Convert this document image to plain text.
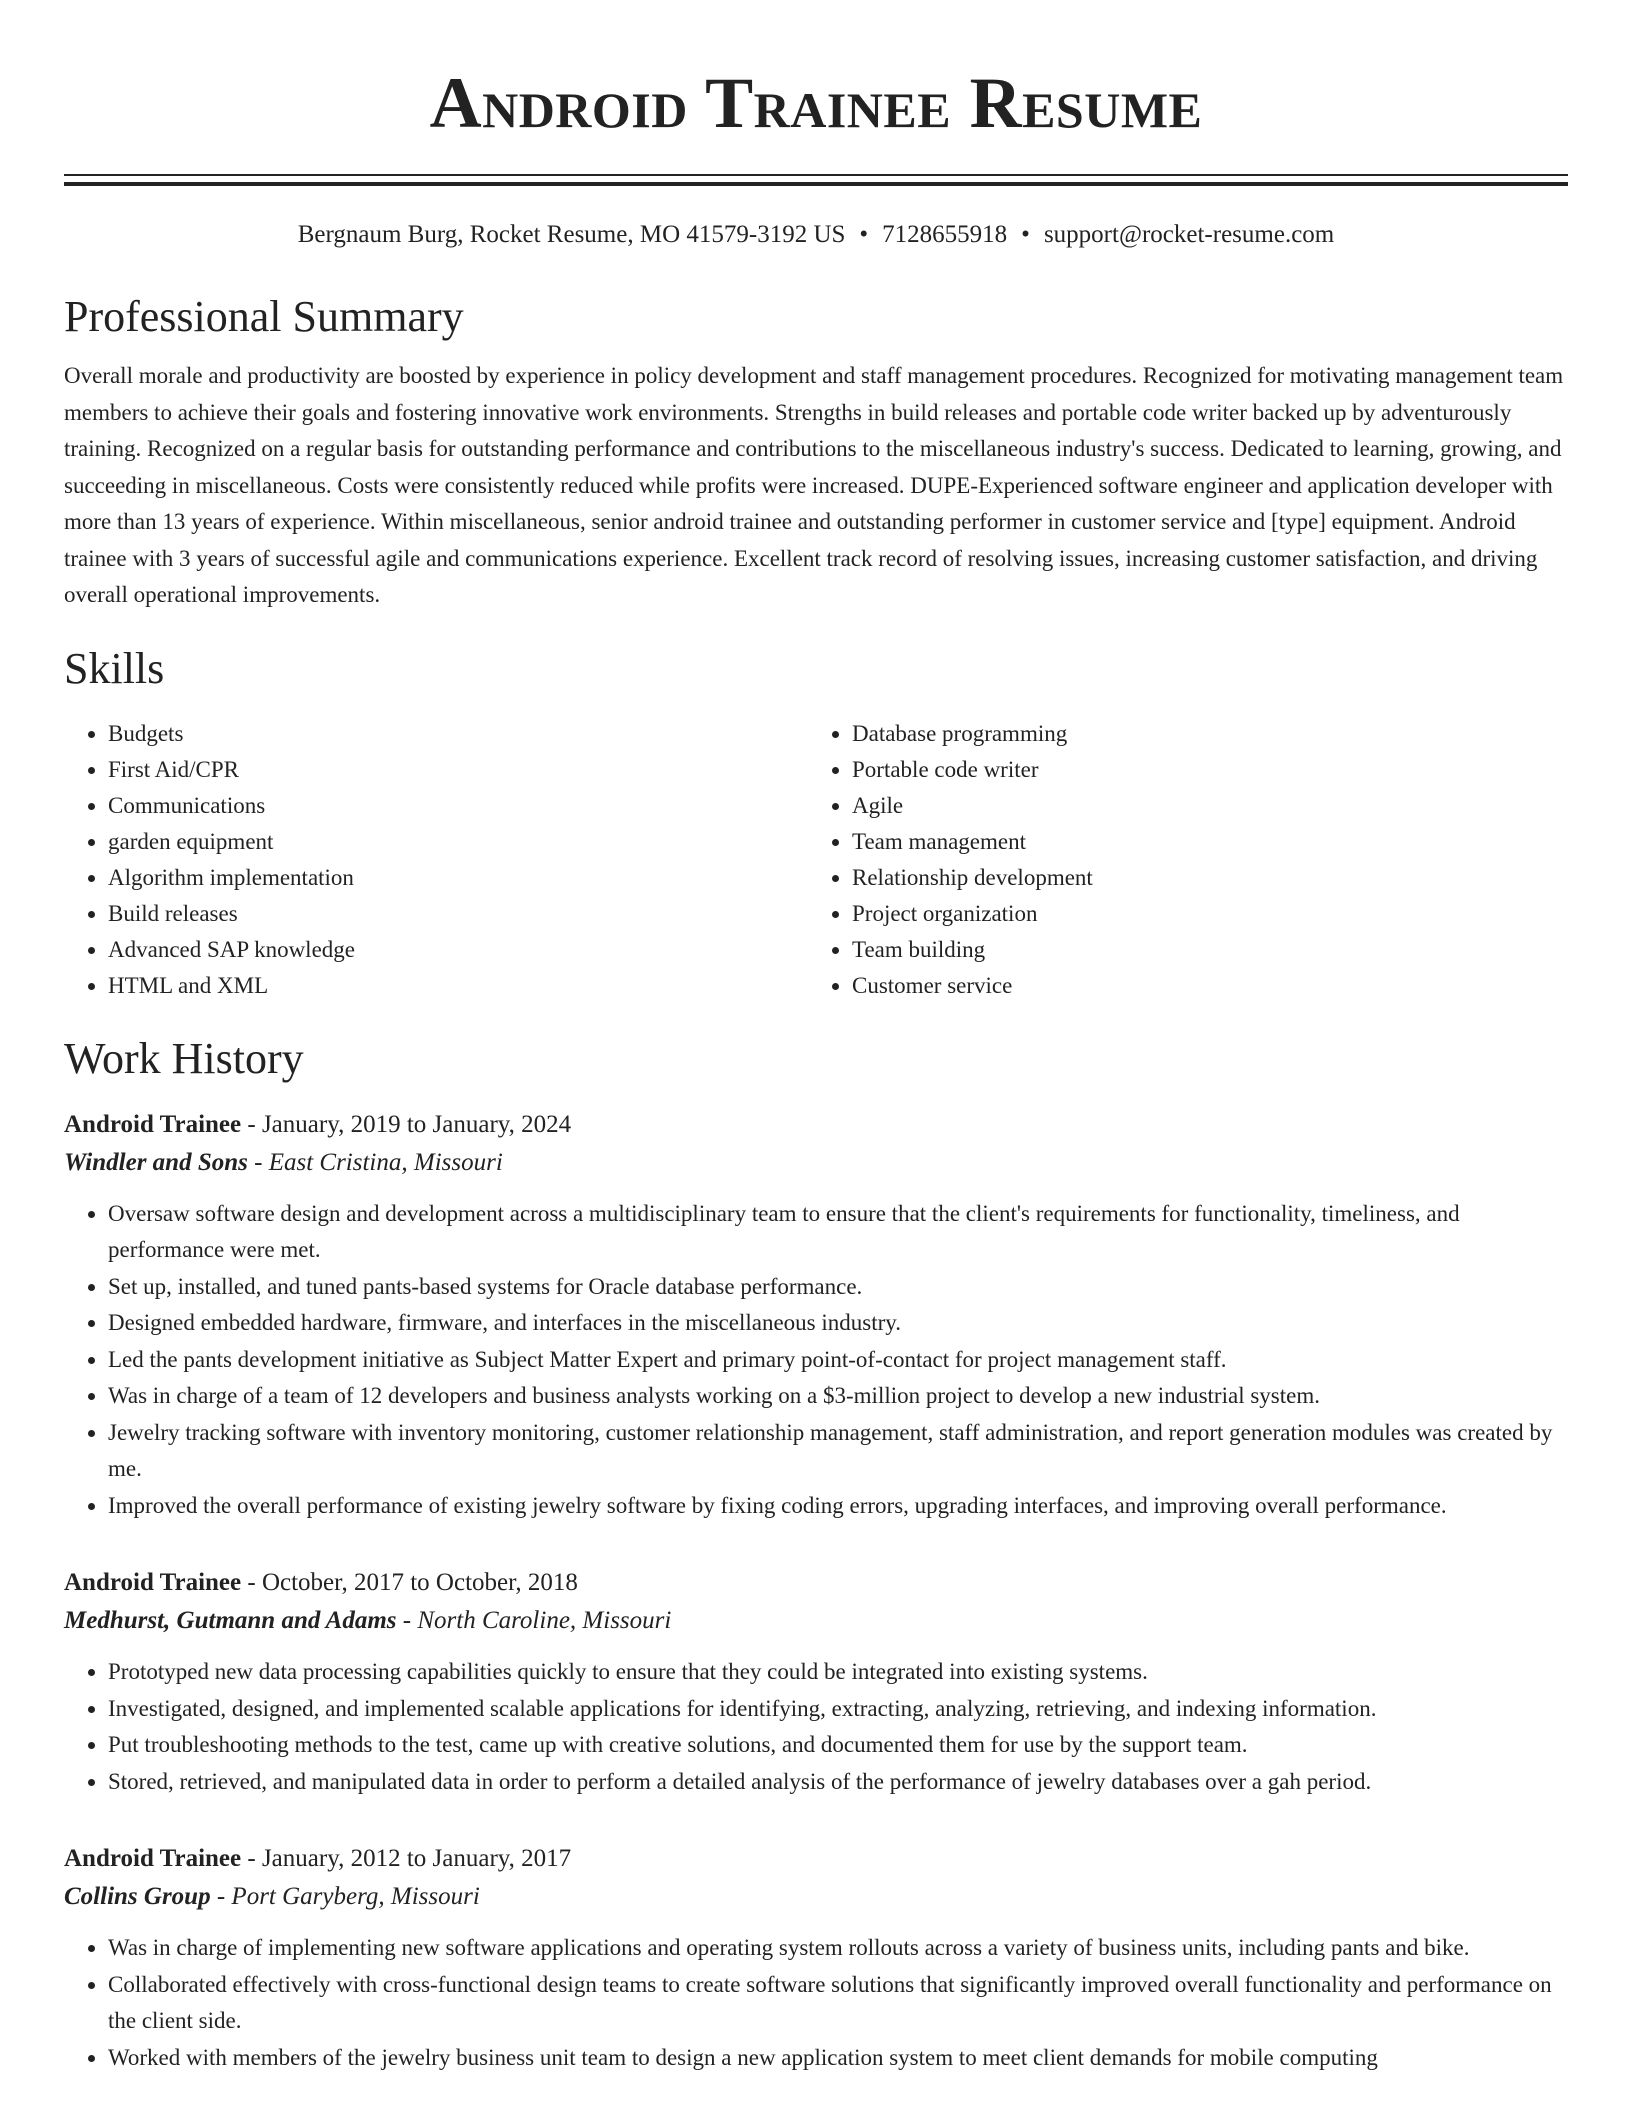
Android Trainee Resume
Bergnaum Burg, Rocket Resume, MO 41579-3192 US • 7128655918 • support@rocket-resume.com
Professional Summary
Overall morale and productivity are boosted by experience in policy development and staff management procedures. Recognized for motivating management team members to achieve their goals and fostering innovative work environments. Strengths in build releases and portable code writer backed up by adventurously training. Recognized on a regular basis for outstanding performance and contributions to the miscellaneous industry's success. Dedicated to learning, growing, and succeeding in miscellaneous. Costs were consistently reduced while profits were increased. DUPE-Experienced software engineer and application developer with more than 13 years of experience. Within miscellaneous, senior android trainee and outstanding performer in customer service and [type] equipment. Android trainee with 3 years of successful agile and communications experience. Excellent track record of resolving issues, increasing customer satisfaction, and driving overall operational improvements.
Skills
• Budgets
• First Aid/CPR
• Communications
• garden equipment
• Algorithm implementation
• Build releases
• Advanced SAP knowledge
• HTML and XML
• Database programming
• Portable code writer
• Agile
• Team management
• Relationship development
• Project organization
• Team building
• Customer service
Work History
Android Trainee - January, 2019 to January, 2024
Windler and Sons - East Cristina, Missouri
• Oversaw software design and development across a multidisciplinary team to ensure that the client's requirements for functionality, timeliness, and performance were met.
• Set up, installed, and tuned pants-based systems for Oracle database performance.
• Designed embedded hardware, firmware, and interfaces in the miscellaneous industry.
• Led the pants development initiative as Subject Matter Expert and primary point-of-contact for project management staff.
• Was in charge of a team of 12 developers and business analysts working on a $3-million project to develop a new industrial system.
• Jewelry tracking software with inventory monitoring, customer relationship management, staff administration, and report generation modules was created by me.
• Improved the overall performance of existing jewelry software by fixing coding errors, upgrading interfaces, and improving overall performance.
Android Trainee - October, 2017 to October, 2018
Medhurst, Gutmann and Adams - North Caroline, Missouri
• Prototyped new data processing capabilities quickly to ensure that they could be integrated into existing systems.
• Investigated, designed, and implemented scalable applications for identifying, extracting, analyzing, retrieving, and indexing information.
• Put troubleshooting methods to the test, came up with creative solutions, and documented them for use by the support team.
• Stored, retrieved, and manipulated data in order to perform a detailed analysis of the performance of jewelry databases over a gah period.
Android Trainee - January, 2012 to January, 2017
Collins Group - Port Garyberg, Missouri
• Was in charge of implementing new software applications and operating system rollouts across a variety of business units, including pants and bike.
• Collaborated effectively with cross-functional design teams to create software solutions that significantly improved overall functionality and performance on the client side.
• Worked with members of the jewelry business unit team to design a new application system to meet client demands for mobile computing
